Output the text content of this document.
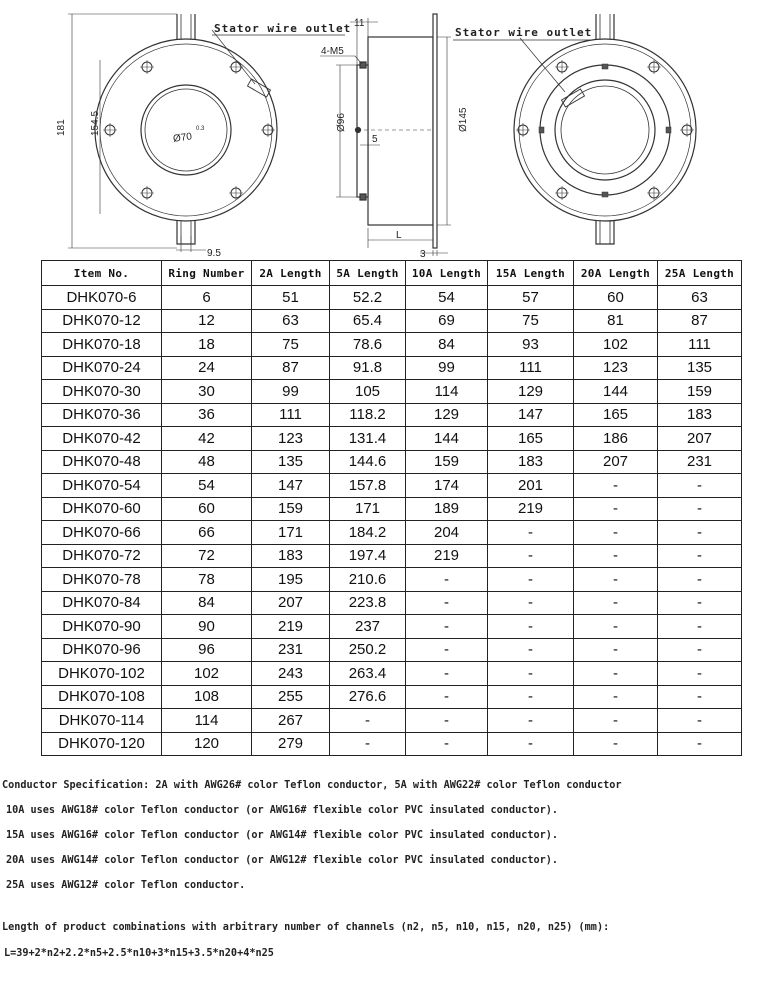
181 154.5
9.5
Ø70
0.3
Stator wire outlet 11
4-M5
Ø96
5
Ø145
L
3
Stator wire outlet
Item No.	Ring Number	2A Length	5A Length	10A Length	15A Length	20A Length	25A Length
DHK070-6	6	51	52.2	54	57	60	63
DHK070-12	12	63	65.4	69	75	81	87
DHK070-18	18	75	78.6	84	93	102	111
DHK070-24	24	87	91.8	99	111	123	135
DHK070-30	30	99	105	114	129	144	159
DHK070-36	36	111	118.2	129	147	165	183
DHK070-42	42	123	131.4	144	165	186	207
DHK070-48	48	135	144.6	159	183	207	231
DHK070-54	54	147	157.8	174	201	-	-
DHK070-60	60	159	171	189	219	-	-
DHK070-66	66	171	184.2	204	-	-	-
DHK070-72	72	183	197.4	219	-	-	-
DHK070-78	78	195	210.6	-	-	-	-
DHK070-84	84	207	223.8	-	-	-	-
DHK070-90	90	219	237	-	-	-	-
DHK070-96	96	231	250.2	-	-	-	-
DHK070-102	102	243	263.4	-	-	-	-
DHK070-108	108	255	276.6	-	-	-	-
DHK070-114	114	267	-	-	-	-	-
DHK070-120	120	279	-	-	-	-	-
Conductor Specification: 2A with AWG26# color Teflon conductor, 5A with AWG22# color Teflon conductor
10A uses AWG18# color Teflon conductor (or AWG16# flexible color PVC insulated conductor).
15A uses AWG16# color Teflon conductor (or AWG14# flexible color PVC insulated conductor).
20A uses AWG14# color Teflon conductor (or AWG12# flexible color PVC insulated conductor).
25A uses AWG12# color Teflon conductor.
Length of product combinations with arbitrary number of channels (n2, n5, n10, n15, n20, n25) (mm):
L=39+2*n2+2.2*n5+2.5*n10+3*n15+3.5*n20+4*n25
